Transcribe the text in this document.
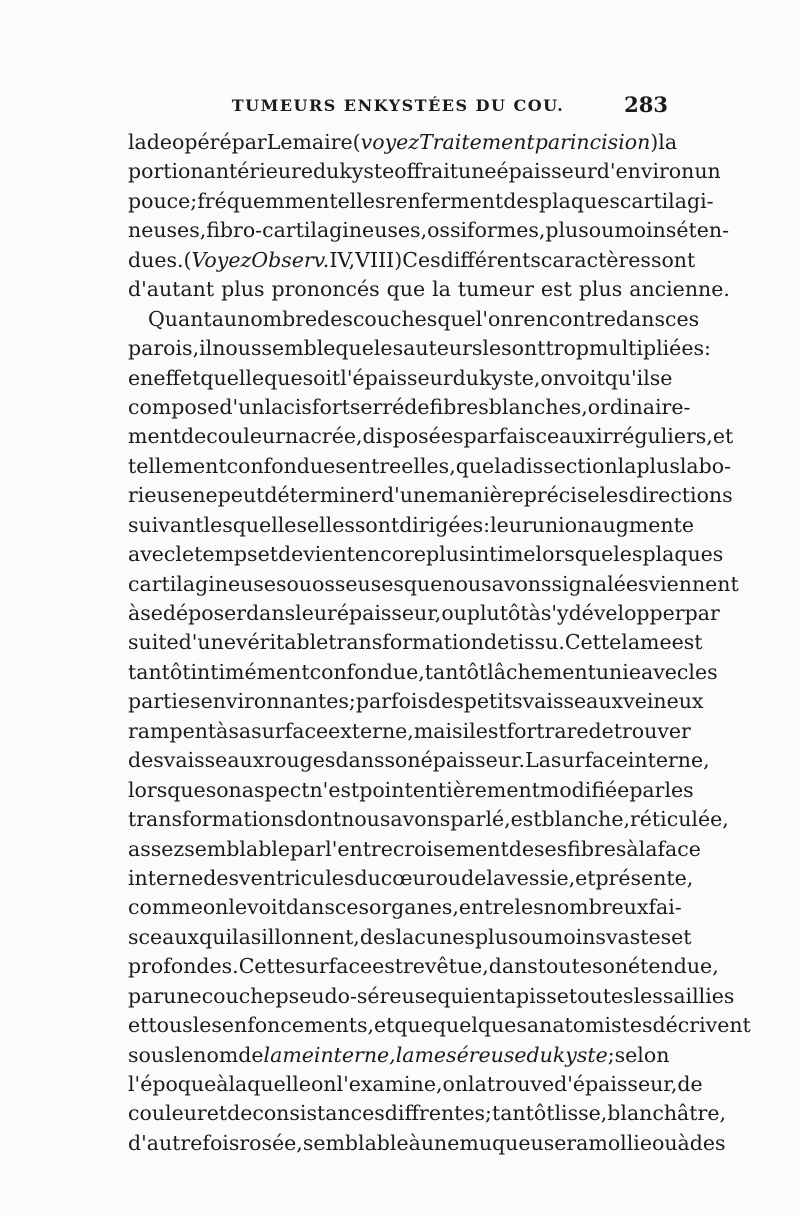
TUMEURS ENKYSTÉES DU COU.	283
lade opéré par Lemaire (voyez Traitement par incision) la
portion antérieure du kyste offrait une épaisseur d'environ un
pouce; fréquemment elles renferment des plaques cartilagi-
neuses, fibro-cartilagineuses, ossiformes, plus ou moins éten-
dues. (Voyez Observ. IV, VIII ) Ces différents caractères sont
d'autant plus prononcés que la tumeur est plus ancienne.
Quant au nombre des couches que l'on rencontre dans ces
parois, il nous semble que les auteurs les ont trop multipliées :
en effet quelle que soit l'épaisseur du kyste, on voit qu'il se
compose d'un lacis fort serré de fibres blanches, ordinaire-
ment de couleur nacrée, disposées par faisceaux irréguliers, et
tellement confondues entre elles, que la dissection la plus labo-
rieuse ne peut déterminer d'une manière précise les directions
suivant lesquelles elles sont dirigées : leur union augmente
avec le temps et devient encore plus intime lorsque les plaques
cartilagineuses ou osseuses que nous avons signalées viennent
à se déposer dans leur épaisseur, ou plutôt à s'y développer par
suite d'une véritable transformation de tissu. Cette lame est
tantôt intimément confondue, tantôt lâchement unie avec les
parties environnantes; parfois des petits vaisseaux veineux
rampent à sa surface externe, mais il est fort rare de trouver
des vaisseaux rouges dans son épaisseur. La surface interne,
lorsque son aspect n'est point entièrement modifiée par les
transformations dont nous avons parlé, est blanche, réticulée,
assez semblable par l'entrecroisement de ses fibres à la face
interne des ventricules du cœur ou de la vessie, et présente,
comme on le voit dans ces organes, entre les nombreux fai-
sceaux qui la sillonnent, des lacunes plus ou moins vastes et
profondes. Cette surface est revêtue, dans toute son étendue,
par une couche pseudo-séreuse qui en tapisse toutes les saillies
et tous les enfoncements, et que quelques anatomistes décrivent
sous le nom de lame interne, lame séreuse du kyste; selon
l'époque à laquelle on l'examine, on la trouve d'épaisseur, de
couleur et de consistances diffrentes; tantôt lisse, blanchâtre,
d'autrefois rosée, semblable à une muqueuse ramollie ou à des
